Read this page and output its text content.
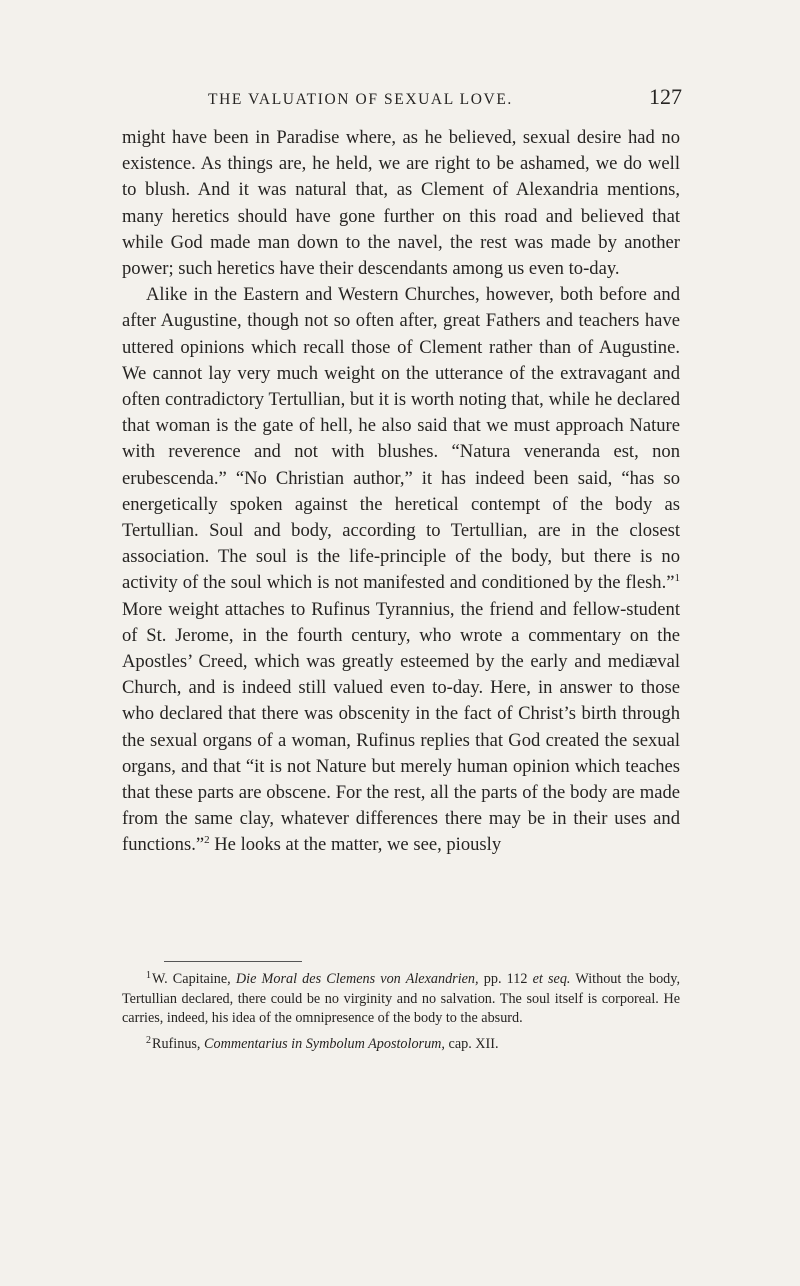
THE VALUATION OF SEXUAL LOVE.	127

might have been in Paradise where, as he believed, sexual desire had no existence. As things are, he held, we are right to be ashamed, we do well to blush. And it was natural that, as Clement of Alexandria mentions, many heretics should have gone further on this road and believed that while God made man down to the navel, the rest was made by another power; such heretics have their descendants among us even to-day.

Alike in the Eastern and Western Churches, however, both before and after Augustine, though not so often after, great Fathers and teachers have uttered opinions which recall those of Clement rather than of Augustine. We cannot lay very much weight on the utterance of the extravagant and often contradictory Tertullian, but it is worth noting that, while he declared that woman is the gate of hell, he also said that we must approach Nature with reverence and not with blushes. “Natura veneranda est, non erubescenda.” “No Christian author,” it has indeed been said, “has so energetically spoken against the heretical contempt of the body as Tertullian. Soul and body, according to Tertullian, are in the closest association. The soul is the life-principle of the body, but there is no activity of the soul which is not manifested and conditioned by the flesh.”$^1$ More weight attaches to Rufinus Tyrannius, the friend and fellow-student of St. Jerome, in the fourth century, who wrote a commentary on the Apostles’ Creed, which was greatly esteemed by the early and mediæval Church, and is indeed still valued even to-day. Here, in answer to those who declared that there was obscenity in the fact of Christ’s birth through the sexual organs of a woman, Rufinus replies that God created the sexual organs, and that “it is not Nature but merely human opinion which teaches that these parts are obscene. For the rest, all the parts of the body are made from the same clay, whatever differences there may be in their uses and functions.”$^2$ He looks at the matter, we see, piously

$^1$W. Capitaine, Die Moral des Clemens von Alexandrien, pp. 112 et seq. Without the body, Tertullian declared, there could be no virginity and no salvation. The soul itself is corporeal. He carries, indeed, his idea of the omnipresence of the body to the absurd.

$^2$Rufinus, Commentarius in Symbolum Apostolorum, cap. XII.
